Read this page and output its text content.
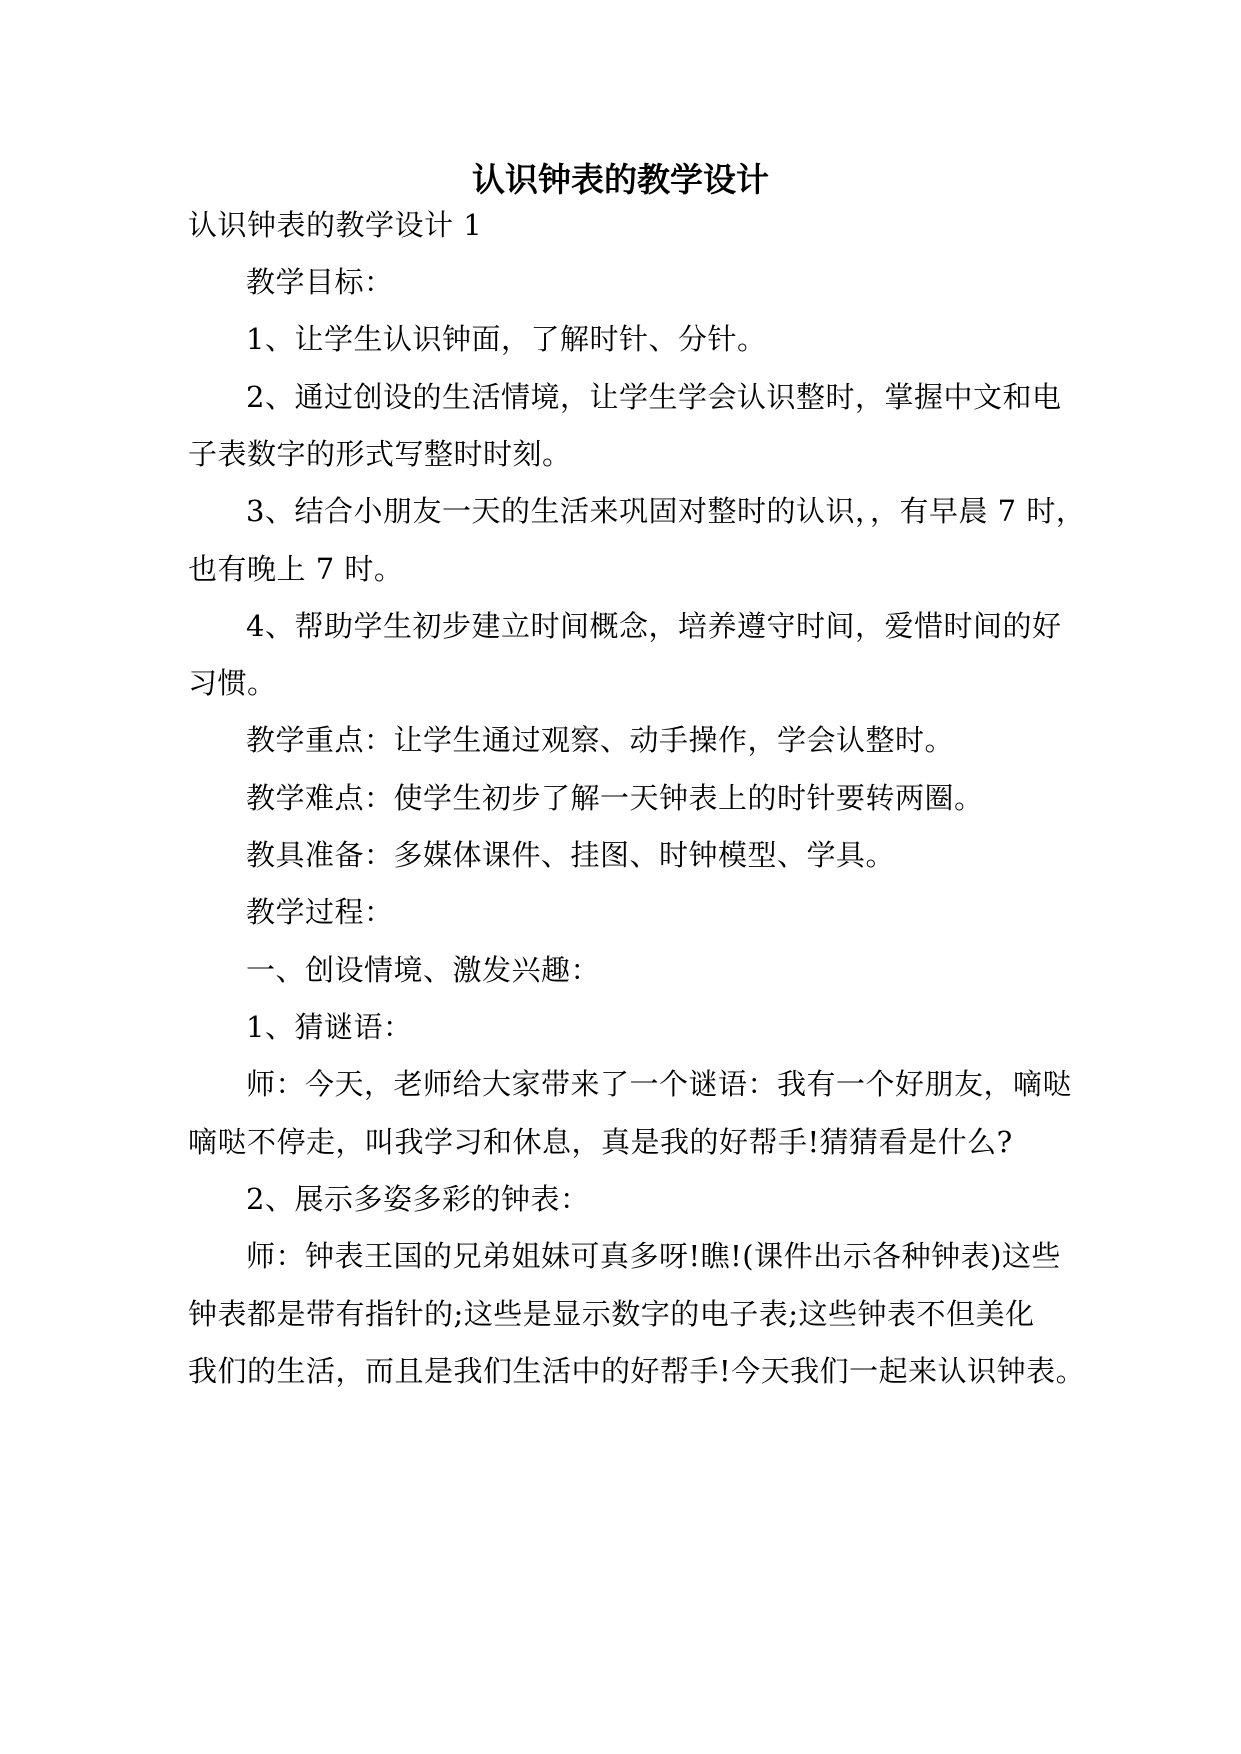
认识钟表的教学设计
认识钟表的教学设计 1
教学目标：
1、让学生认识钟面，了解时针、分针。
2、通过创设的生活情境，让学生学会认识整时，掌握中文和电
子表数字的形式写整时时刻。
3、结合小朋友一天的生活来巩固对整时的认识，，有早晨 7 时，
也有晚上 7 时。
4、帮助学生初步建立时间概念，培养遵守时间，爱惜时间的好
习惯。
教学重点：让学生通过观察、动手操作，学会认整时。
教学难点：使学生初步了解一天钟表上的时针要转两圈。
教具准备：多媒体课件、挂图、时钟模型、学具。
教学过程：
一、创设情境、激发兴趣：
1、猜谜语：
师：今天，老师给大家带来了一个谜语：我有一个好朋友，嘀哒
嘀哒不停走，叫我学习和休息，真是我的好帮手!猜猜看是什么?
2、展示多姿多彩的钟表：
师：钟表王国的兄弟姐妹可真多呀!瞧!(课件出示各种钟表)这些
钟表都是带有指针的;这些是显示数字的电子表;这些钟表不但美化
我们的生活，而且是我们生活中的好帮手!今天我们一起来认识钟表。
